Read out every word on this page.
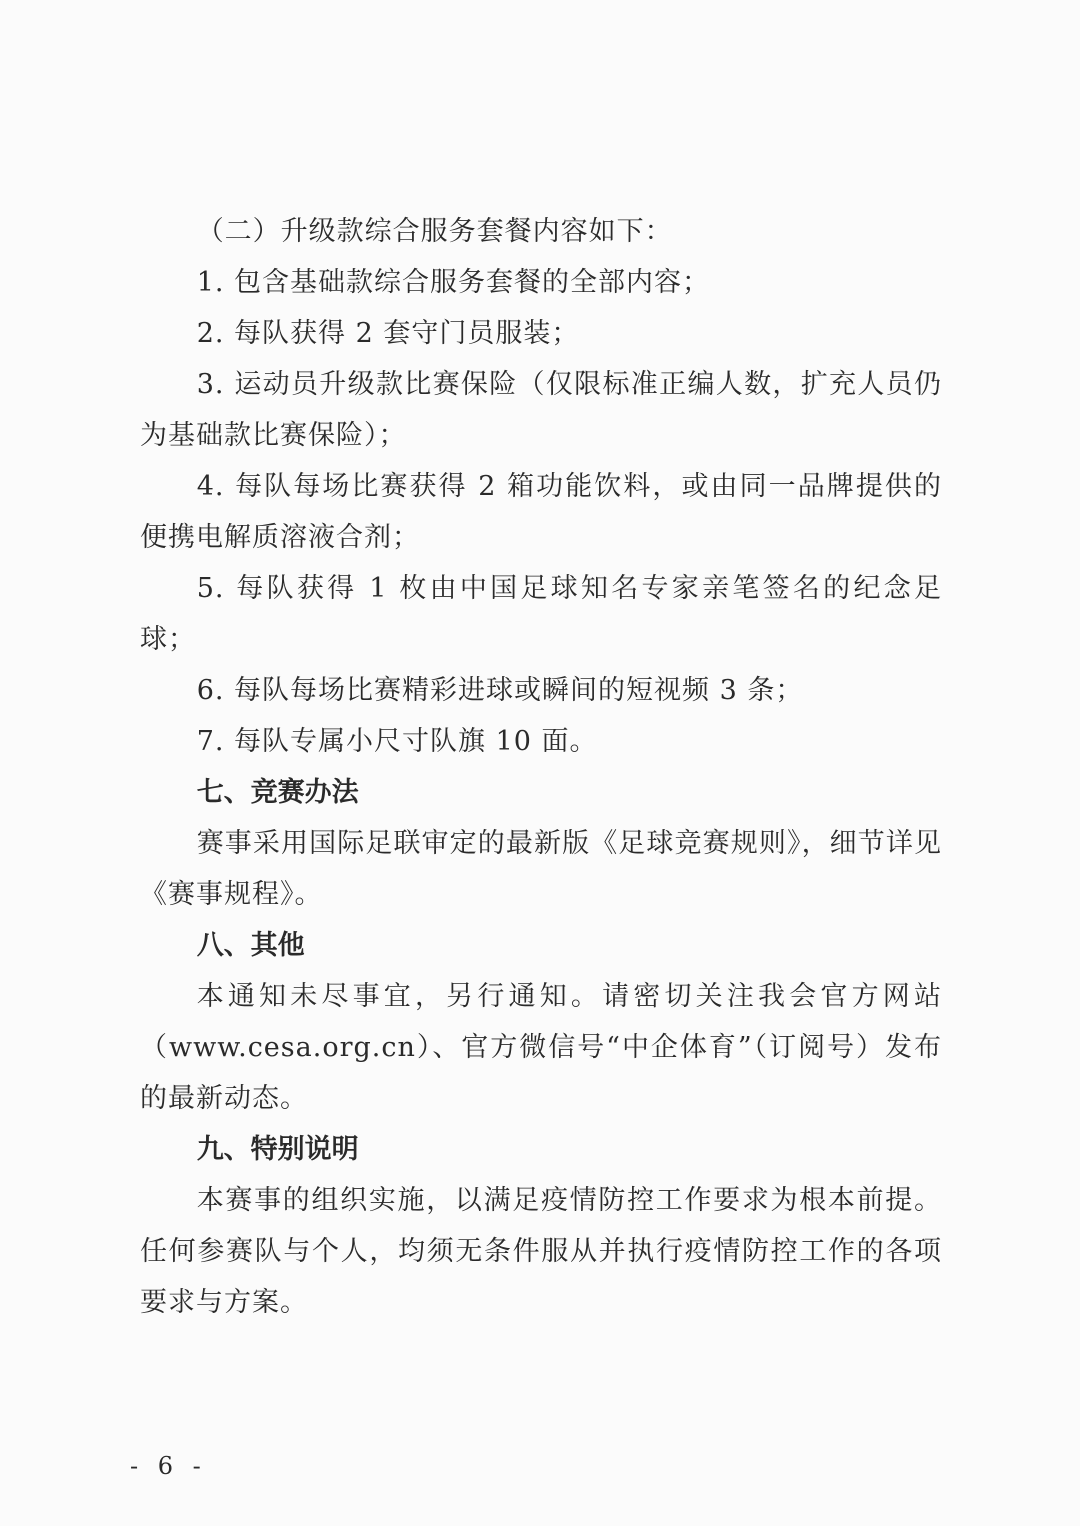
（二）升级款综合服务套餐内容如下：

1. 包含基础款综合服务套餐的全部内容；

2. 每队获得 2 套守门员服装；

3. 运动员升级款比赛保险（仅限标准正编人数，扩充人员仍为基础款比赛保险）；

4. 每队每场比赛获得 2 箱功能饮料，或由同一品牌提供的便携电解质溶液合剂；

5. 每队获得 1 枚由中国足球知名专家亲笔签名的纪念足球；

6. 每队每场比赛精彩进球或瞬间的短视频 3 条；

7. 每队专属小尺寸队旗 10 面。

七、竞赛办法

赛事采用国际足联审定的最新版《足球竞赛规则》，细节详见《赛事规程》。

八、其他

本通知未尽事宜，另行通知。请密切关注我会官方网站（www.cesa.org.cn）、官方微信号“中企体育”（订阅号）发布的最新动态。

九、特别说明

本赛事的组织实施，以满足疫情防控工作要求为根本前提。任何参赛队与个人，均须无条件服从并执行疫情防控工作的各项要求与方案。

- 6 -
